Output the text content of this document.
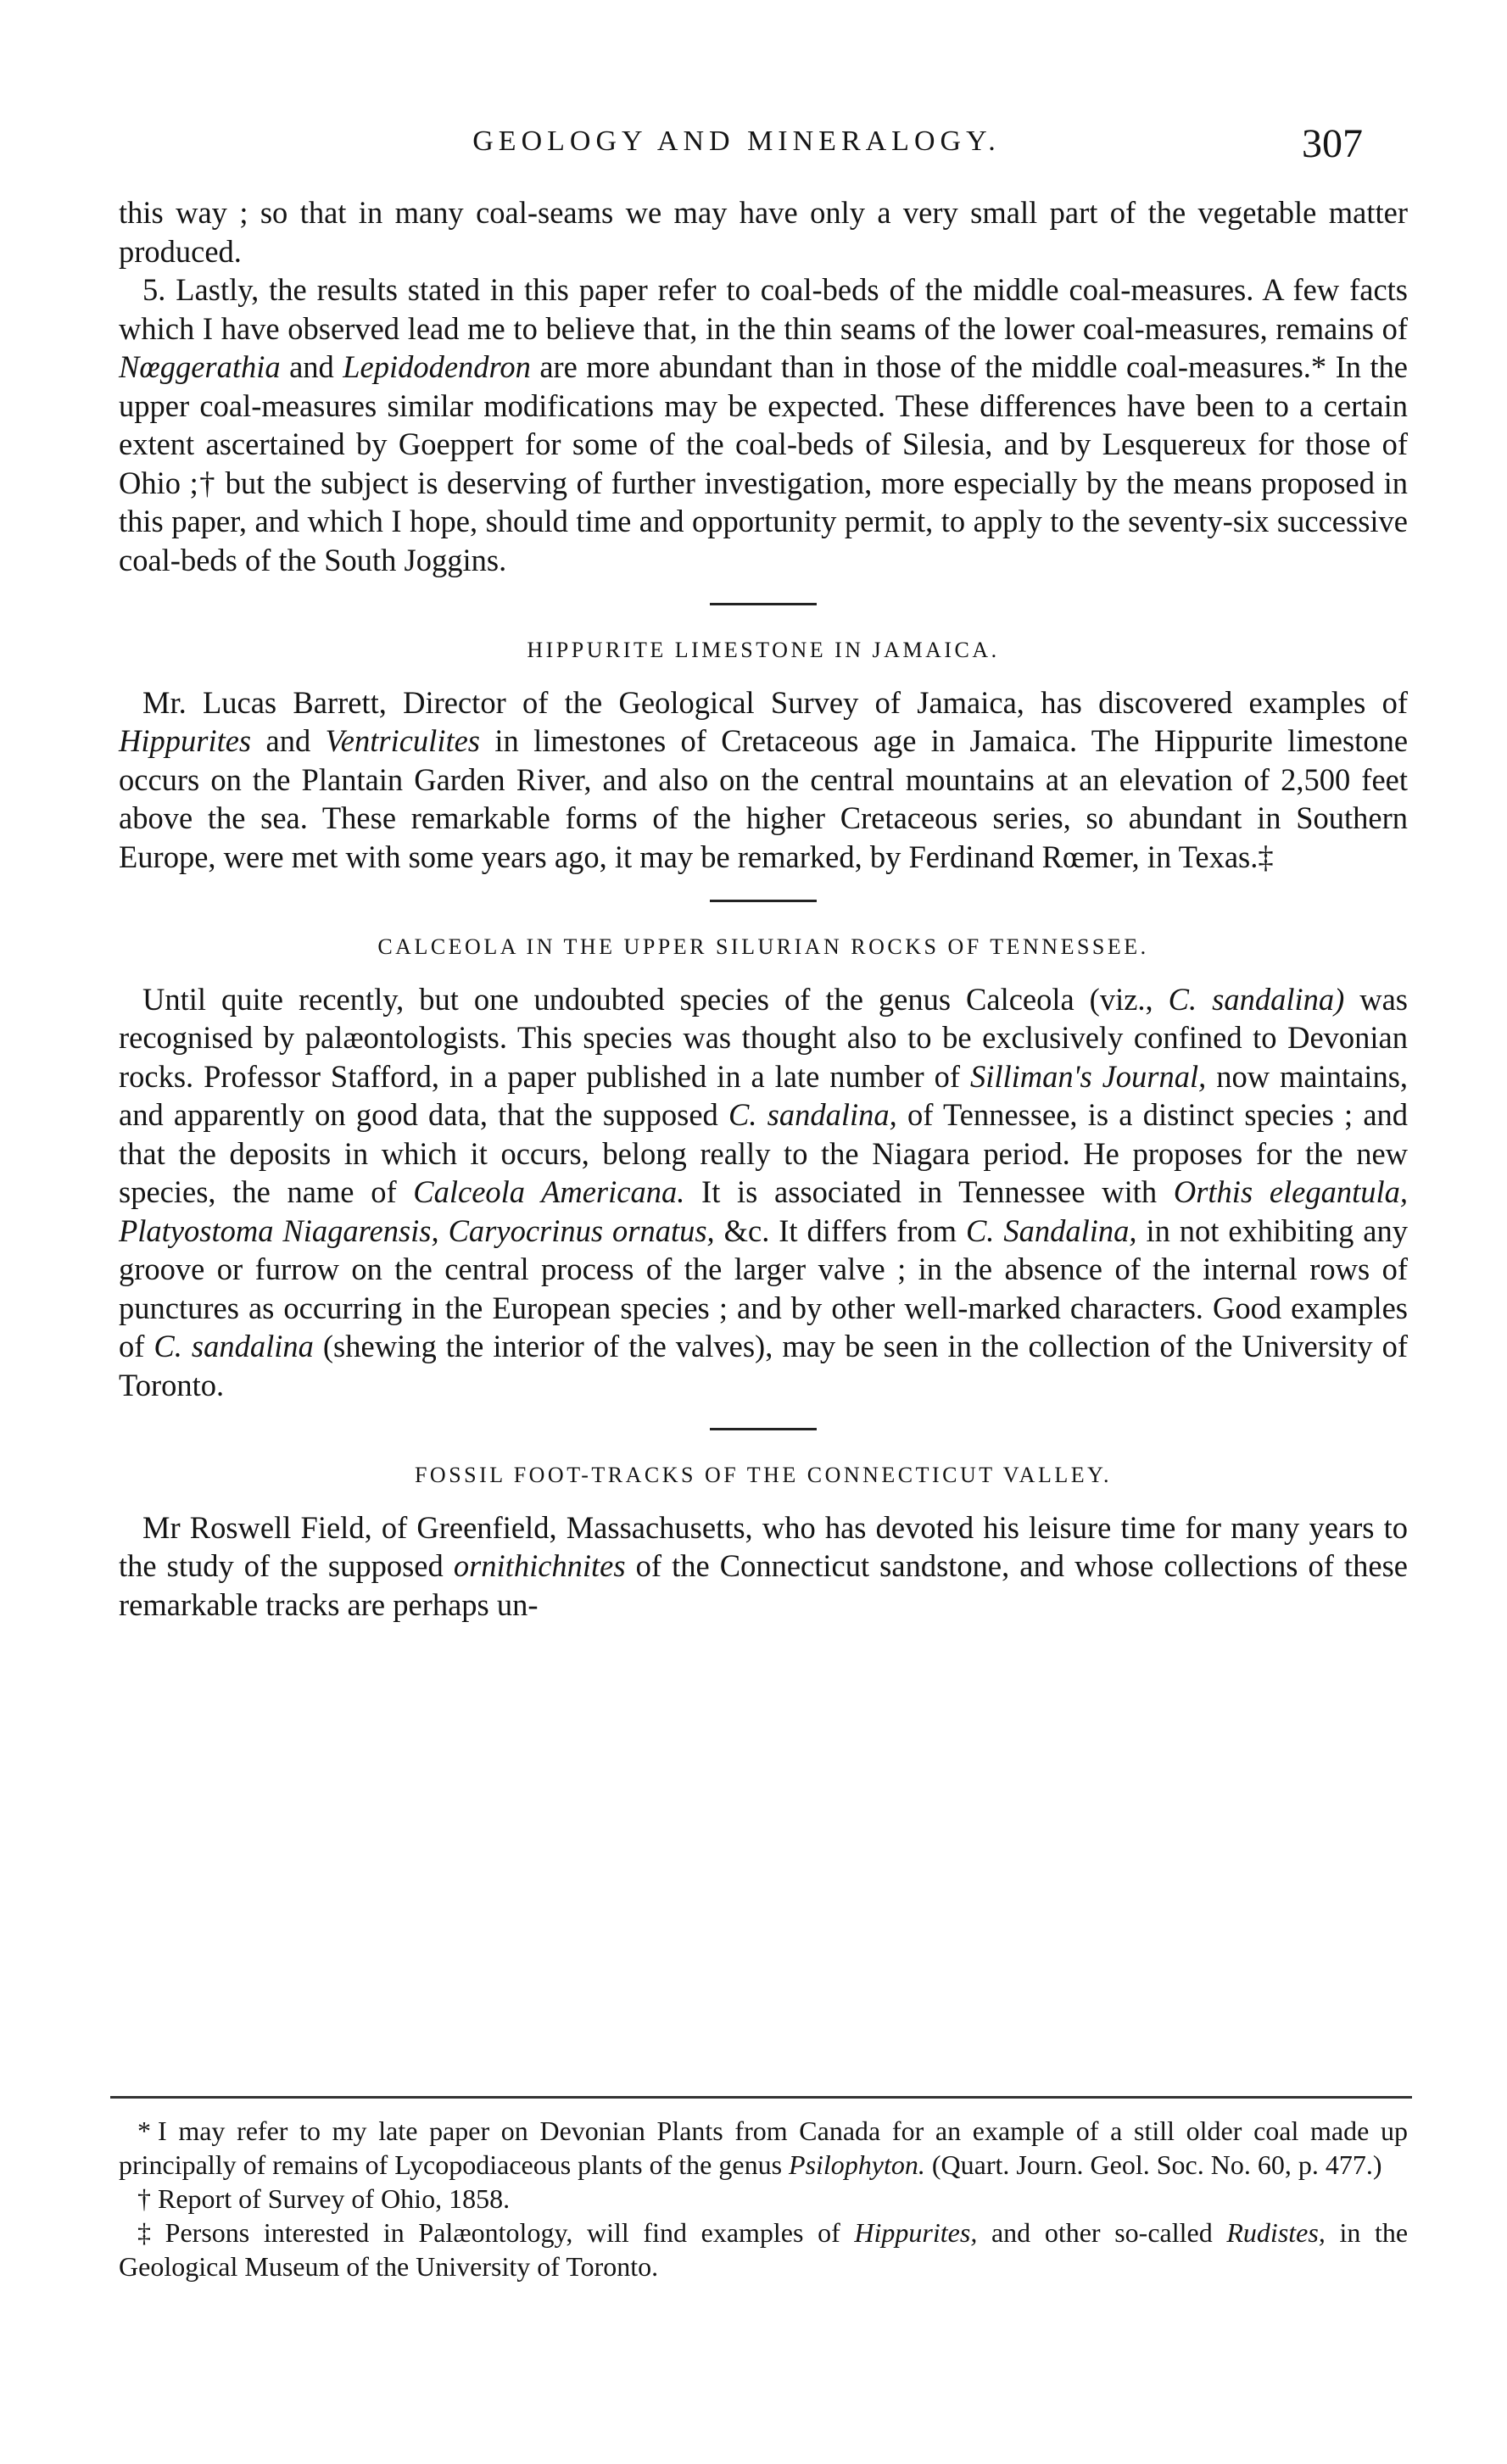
GEOLOGY AND MINERALOGY.	307

this way ; so that in many coal-seams we may have only a very small part of the vegetable matter produced.

5. Lastly, the results stated in this paper refer to coal-beds of the middle coal-measures. A few facts which I have observed lead me to believe that, in the thin seams of the lower coal-measures, remains of Nœggerathia and Lepidodendron are more abundant than in those of the middle coal-measures.* In the upper coal-measures similar modifications may be expected. These differences have been to a certain extent ascertained by Goeppert for some of the coal-beds of Silesia, and by Lesquereux for those of Ohio ;† but the subject is deserving of further investigation, more especially by the means proposed in this paper, and which I hope, should time and opportunity permit, to apply to the seventy-six successive coal-beds of the South Joggins.

HIPPURITE LIMESTONE IN JAMAICA.

Mr. Lucas Barrett, Director of the Geological Survey of Jamaica, has discovered examples of Hippurites and Ventriculites in limestones of Cretaceous age in Jamaica. The Hippurite limestone occurs on the Plantain Garden River, and also on the central mountains at an elevation of 2,500 feet above the sea. These remarkable forms of the higher Cretaceous series, so abundant in Southern Europe, were met with some years ago, it may be remarked, by Ferdinand Rœmer, in Texas.‡

CALCEOLA IN THE UPPER SILURIAN ROCKS OF TENNESSEE.

Until quite recently, but one undoubted species of the genus Calceola (viz., C. sandalina) was recognised by palæontologists. This species was thought also to be exclusively confined to Devonian rocks. Professor Stafford, in a paper published in a late number of Silliman's Journal, now maintains, and apparently on good data, that the supposed C. sandalina, of Tennessee, is a distinct species ; and that the deposits in which it occurs, belong really to the Niagara period. He proposes for the new species, the name of Calceola Americana. It is associated in Tennessee with Orthis elegantula, Platyostoma Niagarensis, Caryocrinus ornatus, &c. It differs from C. Sandalina, in not exhibiting any groove or furrow on the central process of the larger valve ; in the absence of the internal rows of punctures as occurring in the European species ; and by other well-marked characters. Good examples of C. sandalina (shewing the interior of the valves), may be seen in the collection of the University of Toronto.

FOSSIL FOOT-TRACKS OF THE CONNECTICUT VALLEY.

Mr Roswell Field, of Greenfield, Massachusetts, who has devoted his leisure time for many years to the study of the supposed ornithichnites of the Connecticut sandstone, and whose collections of these remarkable tracks are perhaps un-

* I may refer to my late paper on Devonian Plants from Canada for an example of a still older coal made up principally of remains of Lycopodiaceous plants of the genus Psilophyton. (Quart. Journ. Geol. Soc. No. 60, p. 477.)

† Report of Survey of Ohio, 1858.

‡ Persons interested in Palæontology, will find examples of Hippurites, and other so-called Rudistes, in the Geological Museum of the University of Toronto.
